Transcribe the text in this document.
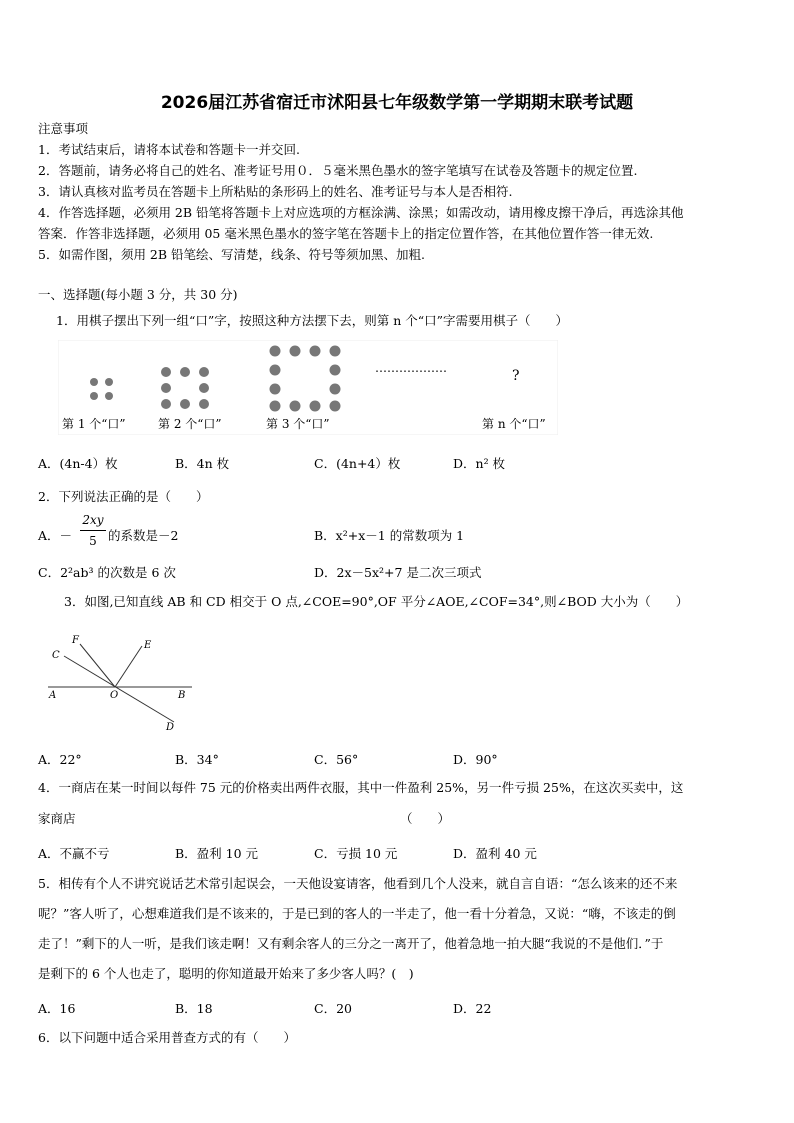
2026届江苏省宿迁市沭阳县七年级数学第一学期期末联考试题
注意事项
1．考试结束后，请将本试卷和答题卡一并交回.
2．答题前，请务必将自己的姓名、准考证号用０．５毫米黑色墨水的签字笔填写在试卷及答题卡的规定位置.
3．请认真核对监考员在答题卡上所粘贴的条形码上的姓名、准考证号与本人是否相符.
4．作答选择题，必须用 2B 铅笔将答题卡上对应选项的方框涂满、涂黑；如需改动，请用橡皮擦干净后，再选涂其他
答案．作答非选择题，必须用 05 毫米黑色墨水的签字笔在答题卡上的指定位置作答，在其他位置作答一律无效.
5．如需作图，须用 2B 铅笔绘、写清楚，线条、符号等须加黑、加粗.
一、选择题(每小题 3 分，共 30 分)
1．用棋子摆出下列一组“口”字，按照这种方法摆下去，则第 n 个“口”字需要用棋子（　　）
………………	?
第 1 个“口”	第 2 个“口”	第 3 个“口”	第 n 个“口”
A．(4n-4）枚	B．4n 枚	C．(4n+4）枚	D．n² 枚
2．下列说法正确的是（　　）
A．－
2xy
5 的系数是－2	B．x²+x－1 的常数项为 1
C．2²ab³ 的次数是 6 次	D．2x－5x²+7 是二次三项式
3．如图,已知直线 AB 和 CD 相交于 O 点,∠COE=90°,OF 平分∠AOE,∠COF=34°,则∠BOD 大小为（　　）
F	E
C
A	O	B
D
A．22°	B．34°	C．56°	D．90°
4．一商店在某一时间以每件 75 元的价格卖出两件衣服，其中一件盈利 25%，另一件亏损 25%，在这次买卖中，这
家商店	（　　）
A．不赢不亏	B．盈利 10 元	C．亏损 10 元	D．盈利 40 元
5．相传有个人不讲究说话艺术常引起误会，一天他设宴请客，他看到几个人没来，就自言自语：“怎么该来的还不来
呢？”客人听了，心想难道我们是不该来的，于是已到的客人的一半走了，他一看十分着急，又说：“嗨，不该走的倒
走了！”剩下的人一听，是我们该走啊！又有剩余客人的三分之一离开了，他着急地一拍大腿“我说的不是他们．”于
是剩下的 6 个人也走了，聪明的你知道最开始来了多少客人吗？(　)
A．16	B．18	C．20	D．22
6．以下问题中适合采用普查方式的有（　　）
